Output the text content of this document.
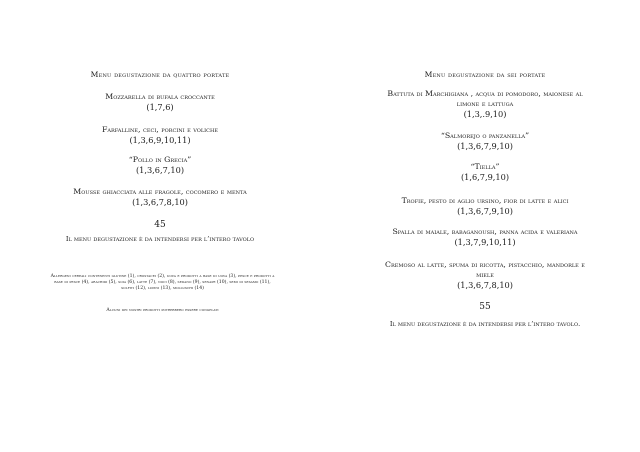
Menu degustazione da quattro portate
Mozzarella di bufala croccante
(1,7,6)
Farfalline, ceci, porcini e voliche
(1,3,6,9,10,11)
“Pollo in Grecia”
(1,3,6,7,10)
Mousse ghiacciata alle fragole, cocomero e menta
(1,3,6,7,8,10)
45
Il menu degustazione è da intendersi per l’intero tavolo
Allergeni cereali contenenti glutine (1), crostacei (2), uova e prodotti a base di uova (3), pesce e prodotti a base di pesce (4), arachidi (5), soia (6), latte (7), noci (8), sedano (9), senape (10), semi di sesamo (11), solfiti (12), lupini (13), molluschi (14)
Alcuni dei nostri prodotti potrebbero essere congelati
Menu degustazione da sei portate
Battuta di Marchigiana , acqua di pomodoro, maionese al limone e lattuga
(1,3,.9,10)
“Salmorejo o panzanella”
(1,3,6,7,9,10)
“Tiella”
(1,6,7,9,10)
Trofie, pesto di aglio ursino, fior di latte e alici
(1,3,6,7,9,10)
Spalla di maiale, babaganoush, panna acida e valeriana
(1,3,7,9,10,11)
Cremoso al latte, spuma di ricotta, pistacchio, mandorle e miele
(1,3,6,7,8,10)
55
Il menu degustazione è da intendersi per l’intero tavolo.
